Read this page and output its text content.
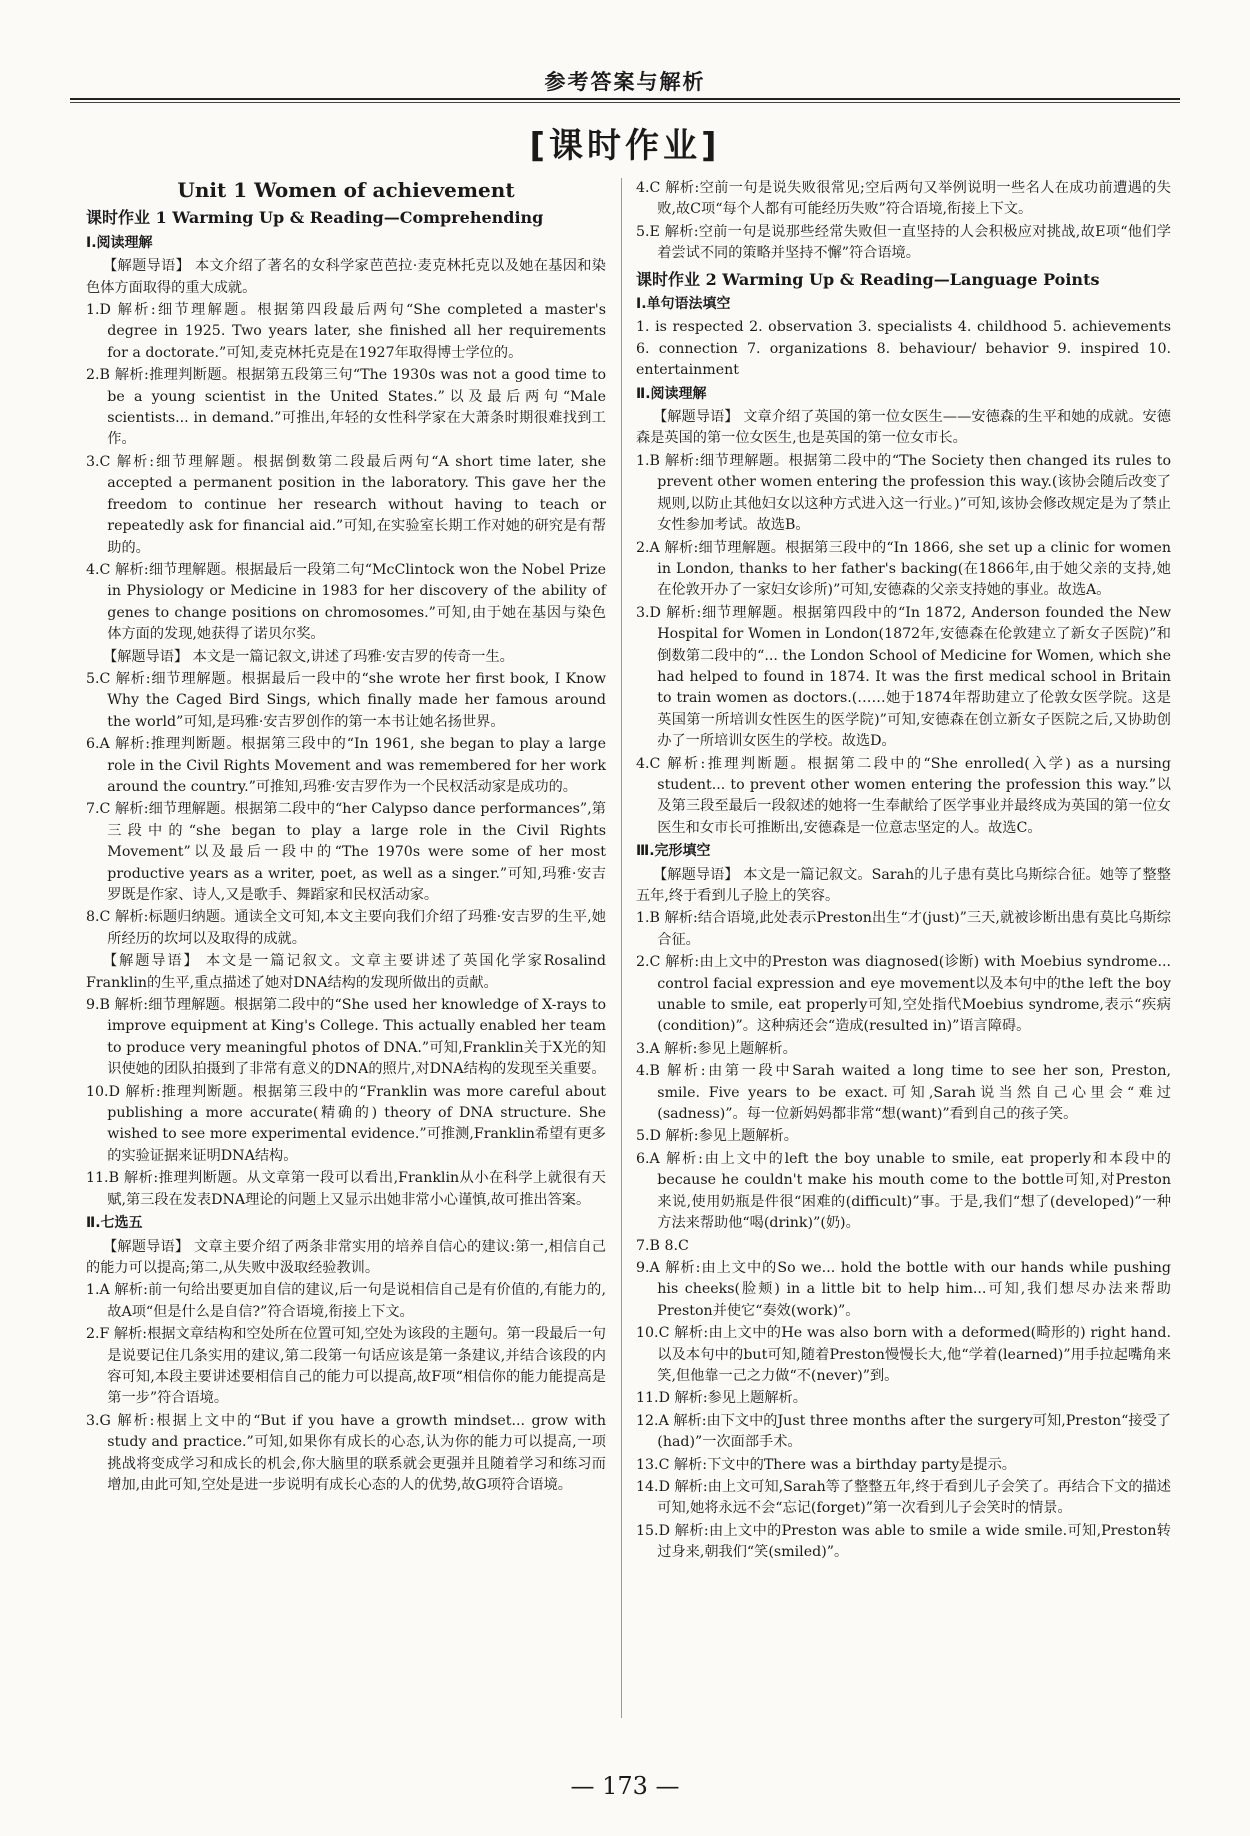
参考答案与解析
[课时作业]
Unit 1 Women of achievement
课时作业 1 Warming Up & Reading—Comprehending
Ⅰ.阅读理解

【解题导语】 本文介绍了著名的女科学家芭芭拉·麦克林托克以及她在基因和染色体方面取得的重大成就。

1.D 解析:细节理解题。根据第四段最后两句“She completed a master's degree in 1925. Two years later, she finished all her requirements for a doctorate.”可知,麦克林托克是在1927年取得博士学位的。

2.B 解析:推理判断题。根据第五段第三句“The 1930s was not a good time to be a young scientist in the United States.”以及最后两句“Male scientists... in demand.”可推出,年轻的女性科学家在大萧条时期很难找到工作。

3.C 解析:细节理解题。根据倒数第二段最后两句“A short time later, she accepted a permanent position in the laboratory. This gave her the freedom to continue her research without having to teach or repeatedly ask for financial aid.”可知,在实验室长期工作对她的研究是有帮助的。

4.C 解析:细节理解题。根据最后一段第二句“McClintock won the Nobel Prize in Physiology or Medicine in 1983 for her discovery of the ability of genes to change positions on chromosomes.”可知,由于她在基因与染色体方面的发现,她获得了诺贝尔奖。

【解题导语】 本文是一篇记叙文,讲述了玛雅·安吉罗的传奇一生。

5.C 解析:细节理解题。根据最后一段中的“she wrote her first book, I Know Why the Caged Bird Sings, which finally made her famous around the world”可知,是玛雅·安吉罗创作的第一本书让她名扬世界。

6.A 解析:推理判断题。根据第三段中的“In 1961, she began to play a large role in the Civil Rights Movement and was remembered for her work around the country.”可推知,玛雅·安吉罗作为一个民权活动家是成功的。

7.C 解析:细节理解题。根据第二段中的“her Calypso dance performances”,第三段中的“she began to play a large role in the Civil Rights Movement”以及最后一段中的“The 1970s were some of her most productive years as a writer, poet, as well as a singer.”可知,玛雅·安吉罗既是作家、诗人,又是歌手、舞蹈家和民权活动家。

8.C 解析:标题归纳题。通读全文可知,本文主要向我们介绍了玛雅·安吉罗的生平,她所经历的坎坷以及取得的成就。

【解题导语】 本文是一篇记叙文。文章主要讲述了英国化学家Rosalind Franklin的生平,重点描述了她对DNA结构的发现所做出的贡献。

9.B 解析:细节理解题。根据第二段中的“She used her knowledge of X-rays to improve equipment at King's College. This actually enabled her team to produce very meaningful photos of DNA.”可知,Franklin关于X光的知识使她的团队拍摄到了非常有意义的DNA的照片,对DNA结构的发现至关重要。

10.D 解析:推理判断题。根据第三段中的“Franklin was more careful about publishing a more accurate(精确的) theory of DNA structure. She wished to see more experimental evidence.”可推测,Franklin希望有更多的实验证据来证明DNA结构。

11.B 解析:推理判断题。从文章第一段可以看出,Franklin从小在科学上就很有天赋,第三段在发表DNA理论的问题上又显示出她非常小心谨慎,故可推出答案。

Ⅱ.七选五

【解题导语】 文章主要介绍了两条非常实用的培养自信心的建议:第一,相信自己的能力可以提高;第二,从失败中汲取经验教训。

1.A 解析:前一句给出要更加自信的建议,后一句是说相信自己是有价值的,有能力的,故A项“但是什么是自信?”符合语境,衔接上下文。

2.F 解析:根据文章结构和空处所在位置可知,空处为该段的主题句。第一段最后一句是说要记住几条实用的建议,第二段第一句话应该是第一条建议,并结合该段的内容可知,本段主要讲述要相信自己的能力可以提高,故F项“相信你的能力能提高是第一步”符合语境。

3.G 解析:根据上文中的“But if you have a growth mindset... grow with study and practice.”可知,如果你有成长的心态,认为你的能力可以提高,一项挑战将变成学习和成长的机会,你大脑里的联系就会更强并且随着学习和练习而增加,由此可知,空处是进一步说明有成长心态的人的优势,故G项符合语境。

4.C 解析:空前一句是说失败很常见;空后两句又举例说明一些名人在成功前遭遇的失败,故C项“每个人都有可能经历失败”符合语境,衔接上下文。

5.E 解析:空前一句是说那些经常失败但一直坚持的人会积极应对挑战,故E项“他们学着尝试不同的策略并坚持不懈”符合语境。

课时作业 2 Warming Up & Reading—Language Points
Ⅰ.单句语法填空

1. is respected 2. observation 3. specialists 4. childhood 5. achievements 6. connection 7. organizations 8. behaviour/ behavior 9. inspired 10. entertainment

Ⅱ.阅读理解

【解题导语】 文章介绍了英国的第一位女医生——安德森的生平和她的成就。安德森是英国的第一位女医生,也是英国的第一位女市长。

1.B 解析:细节理解题。根据第二段中的“The Society then changed its rules to prevent other women entering the profession this way.(该协会随后改变了规则,以防止其他妇女以这种方式进入这一行业。)”可知,该协会修改规定是为了禁止女性参加考试。故选B。

2.A 解析:细节理解题。根据第三段中的“In 1866, she set up a clinic for women in London, thanks to her father's backing(在1866年,由于她父亲的支持,她在伦敦开办了一家妇女诊所)”可知,安德森的父亲支持她的事业。故选A。

3.D 解析:细节理解题。根据第四段中的“In 1872, Anderson founded the New Hospital for Women in London(1872年,安德森在伦敦建立了新女子医院)”和倒数第二段中的“... the London School of Medicine for Women, which she had helped to found in 1874. It was the first medical school in Britain to train women as doctors.(……她于1874年帮助建立了伦敦女医学院。这是英国第一所培训女性医生的医学院)”可知,安德森在创立新女子医院之后,又协助创办了一所培训女医生的学校。故选D。

4.C 解析:推理判断题。根据第二段中的“She enrolled(入学) as a nursing student... to prevent other women entering the profession this way.”以及第三段至最后一段叙述的她将一生奉献给了医学事业并最终成为英国的第一位女医生和女市长可推断出,安德森是一位意志坚定的人。故选C。

Ⅲ.完形填空

【解题导语】 本文是一篇记叙文。Sarah的儿子患有莫比乌斯综合征。她等了整整五年,终于看到儿子脸上的笑容。

1.B 解析:结合语境,此处表示Preston出生“才(just)”三天,就被诊断出患有莫比乌斯综合征。

2.C 解析:由上文中的Preston was diagnosed(诊断) with Moebius syndrome... control facial expression and eye movement以及本句中的the left the boy unable to smile, eat properly可知,空处指代Moebius syndrome,表示“疾病(condition)”。这种病还会“造成(resulted in)”语言障碍。

3.A 解析:参见上题解析。

4.B 解析:由第一段中Sarah waited a long time to see her son, Preston, smile. Five years to be exact.可知,Sarah说当然自己心里会“难过(sadness)”。每一位新妈妈都非常“想(want)”看到自己的孩子笑。

5.D 解析:参见上题解析。

6.A 解析:由上文中的left the boy unable to smile, eat properly和本段中的because he couldn't make his mouth come to the bottle可知,对Preston来说,使用奶瓶是件很“困难的(difficult)”事。于是,我们“想了(developed)”一种方法来帮助他“喝(drink)”(奶)。

7.B 8.C

9.A 解析:由上文中的So we... hold the bottle with our hands while pushing his cheeks(脸颊) in a little bit to help him...可知,我们想尽办法来帮助Preston并使它“奏效(work)”。

10.C 解析:由上文中的He was also born with a deformed(畸形的) right hand.以及本句中的but可知,随着Preston慢慢长大,他“学着(learned)”用手拉起嘴角来笑,但他靠一己之力做“不(never)”到。

11.D 解析:参见上题解析。

12.A 解析:由下文中的Just three months after the surgery可知,Preston“接受了(had)”一次面部手术。

13.C 解析:下文中的There was a birthday party是提示。

14.D 解析:由上文可知,Sarah等了整整五年,终于看到儿子会笑了。再结合下文的描述可知,她将永远不会“忘记(forget)”第一次看到儿子会笑时的情景。

15.D 解析:由上文中的Preston was able to smile a wide smile.可知,Preston转过身来,朝我们“笑(smiled)”。

— 173 —
